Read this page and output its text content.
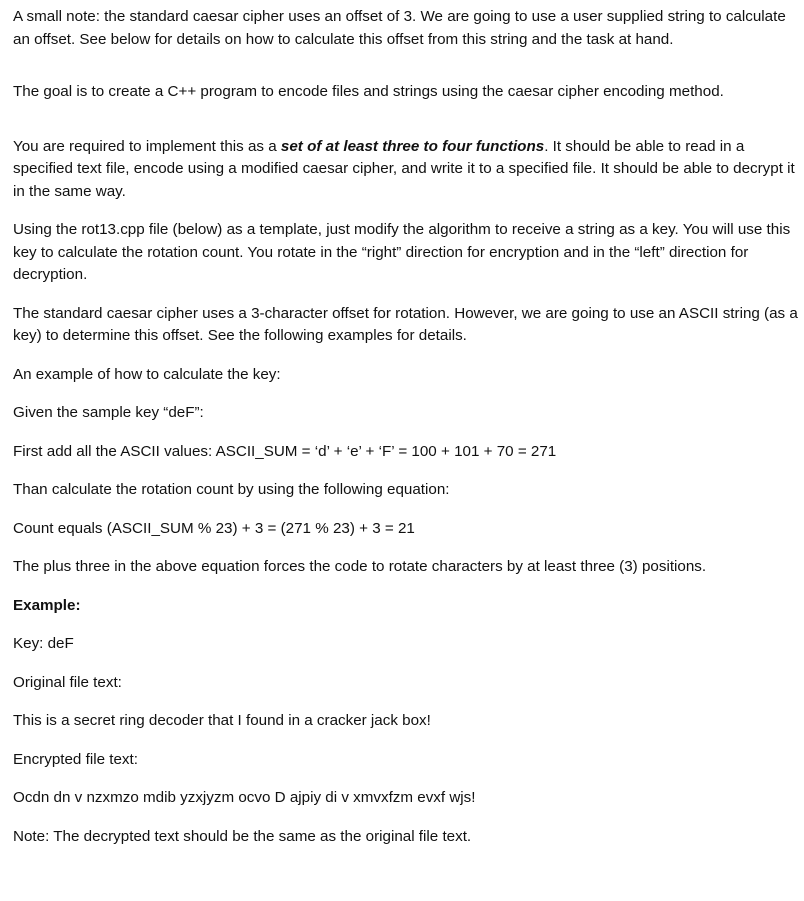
A small note: the standard caesar cipher uses an offset of 3. We are going to use a user supplied string to calculate an offset. See below for details on how to calculate this offset from this string and the task at hand.

The goal is to create a C++ program to encode files and strings using the caesar cipher encoding method.

You are required to implement this as a set of at least three to four functions. It should be able to read in a specified text file, encode using a modified caesar cipher, and write it to a specified file. It should be able to decrypt it in the same way.

Using the rot13.cpp file (below) as a template, just modify the algorithm to receive a string as a key. You will use this key to calculate the rotation count. You rotate in the “right” direction for encryption and in the “left” direction for decryption.

The standard caesar cipher uses a 3-character offset for rotation. However, we are going to use an ASCII string (as a key) to determine this offset. See the following examples for details.

An example of how to calculate the key:

Given the sample key “deF”:

First add all the ASCII values: ASCII_SUM = ‘d’ + ‘e’ + ‘F’ = 100 + 101 + 70 = 271

Than calculate the rotation count by using the following equation:

Count equals (ASCII_SUM % 23) + 3 = (271 % 23) + 3 = 21

The plus three in the above equation forces the code to rotate characters by at least three (3) positions.

Example:

Key: deF

Original file text:

This is a secret ring decoder that I found in a cracker jack box!

Encrypted file text:

Ocdn dn v nzxmzo mdib yzxjyzm ocvo D ajpiy di v xmvxfzm evxf wjs!

Note: The decrypted text should be the same as the original file text.
